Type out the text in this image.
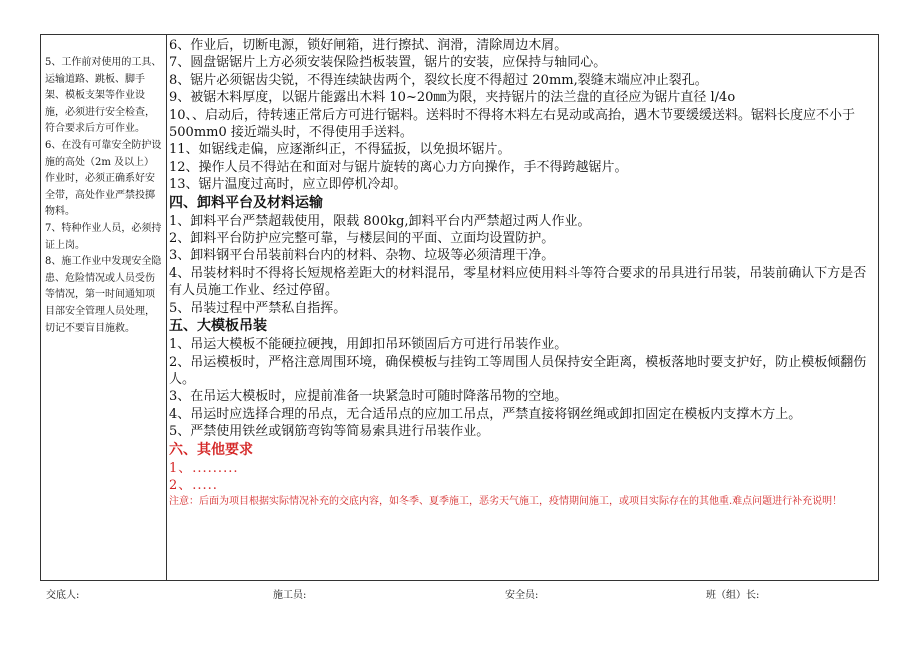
5、工作前对使用的工具、运输道路、跳板、脚手架、模板支架等作业设施，必须进行安全检查，符合要求后方可作业。

6、在没有可靠安全防护设施的高处（2m 及以上）作业时，必须正确系好安全带，高处作业严禁投掷物料。

7、特种作业人员，必须持证上岗。

8、施工作业中发现安全隐患、危险情况或人员受伤等情况，第一时间通知项目部安全管理人员处理，切记不要盲目施救。

6、作业后，切断电源，锁好闸箱，进行擦拭、润滑，清除周边木屑。

7、圆盘锯锯片上方必须安装保险挡板装置，锯片的安装，应保持与轴同心。

8、锯片必须锯齿尖锐，不得连续缺齿两个，裂纹长度不得超过 20mm,裂缝末端应冲止裂孔。

9、被锯木料厚度，以锯片能露出木料 10~20㎜为限，夹持锯片的法兰盘的直径应为锯片直径 l/4o

10、、启动后，待转速正常后方可进行锯料。送料时不得将木料左右晃动或高抬，遇木节要缓缓送料。锯料长度应不小于 500mm0 接近端头时，不得使用手送料。

11、如锯线走偏，应逐渐纠正，不得猛扳，以免损坏锯片。

12、操作人员不得站在和面对与锯片旋转的离心力方向操作，手不得跨越锯片。

13、锯片温度过高时，应立即停机冷却。

四、卸料平台及材料运输

1、卸料平台严禁超载使用，限载 800kg,卸料平台内严禁超过两人作业。

2、卸料平台防护应完整可靠，与楼层间的平面、立面均设置防护。

3、卸料钢平台吊装前料台内的材料、杂物、垃圾等必须清理干净。

4、吊装材料时不得将长短规格差距大的材料混吊，零星材料应使用料斗等符合要求的吊具进行吊装，吊装前确认下方是否有人员施工作业、经过停留。

5、吊装过程中严禁私自指挥。

五、大模板吊装

1、吊运大模板不能硬拉硬拽，用卸扣吊环锁固后方可进行吊装作业。

2、吊运模板时，严格注意周围环境，确保模板与挂钩工等周围人员保持安全距离，模板落地时要支护好，防止模板倾翻伤人。

3、在吊运大模板时，应提前准备一块紧急时可随时降落吊物的空地。

4、吊运时应选择合理的吊点，无合适吊点的应加工吊点，严禁直接将钢丝绳或卸扣固定在模板内支撑木方上。

5、严禁使用铁丝或钢筋弯钩等简易索具进行吊装作业。

六、其他要求

1、.........

2、.....

注意：后面为项目根据实际情况补充的交底内容，如冬季、夏季施工，恶劣天气施工，疫情期间施工，或项目实际存在的其他重.难点问题进行补充说明！

交底人:	施工员:	安全员:	班（组）长:
